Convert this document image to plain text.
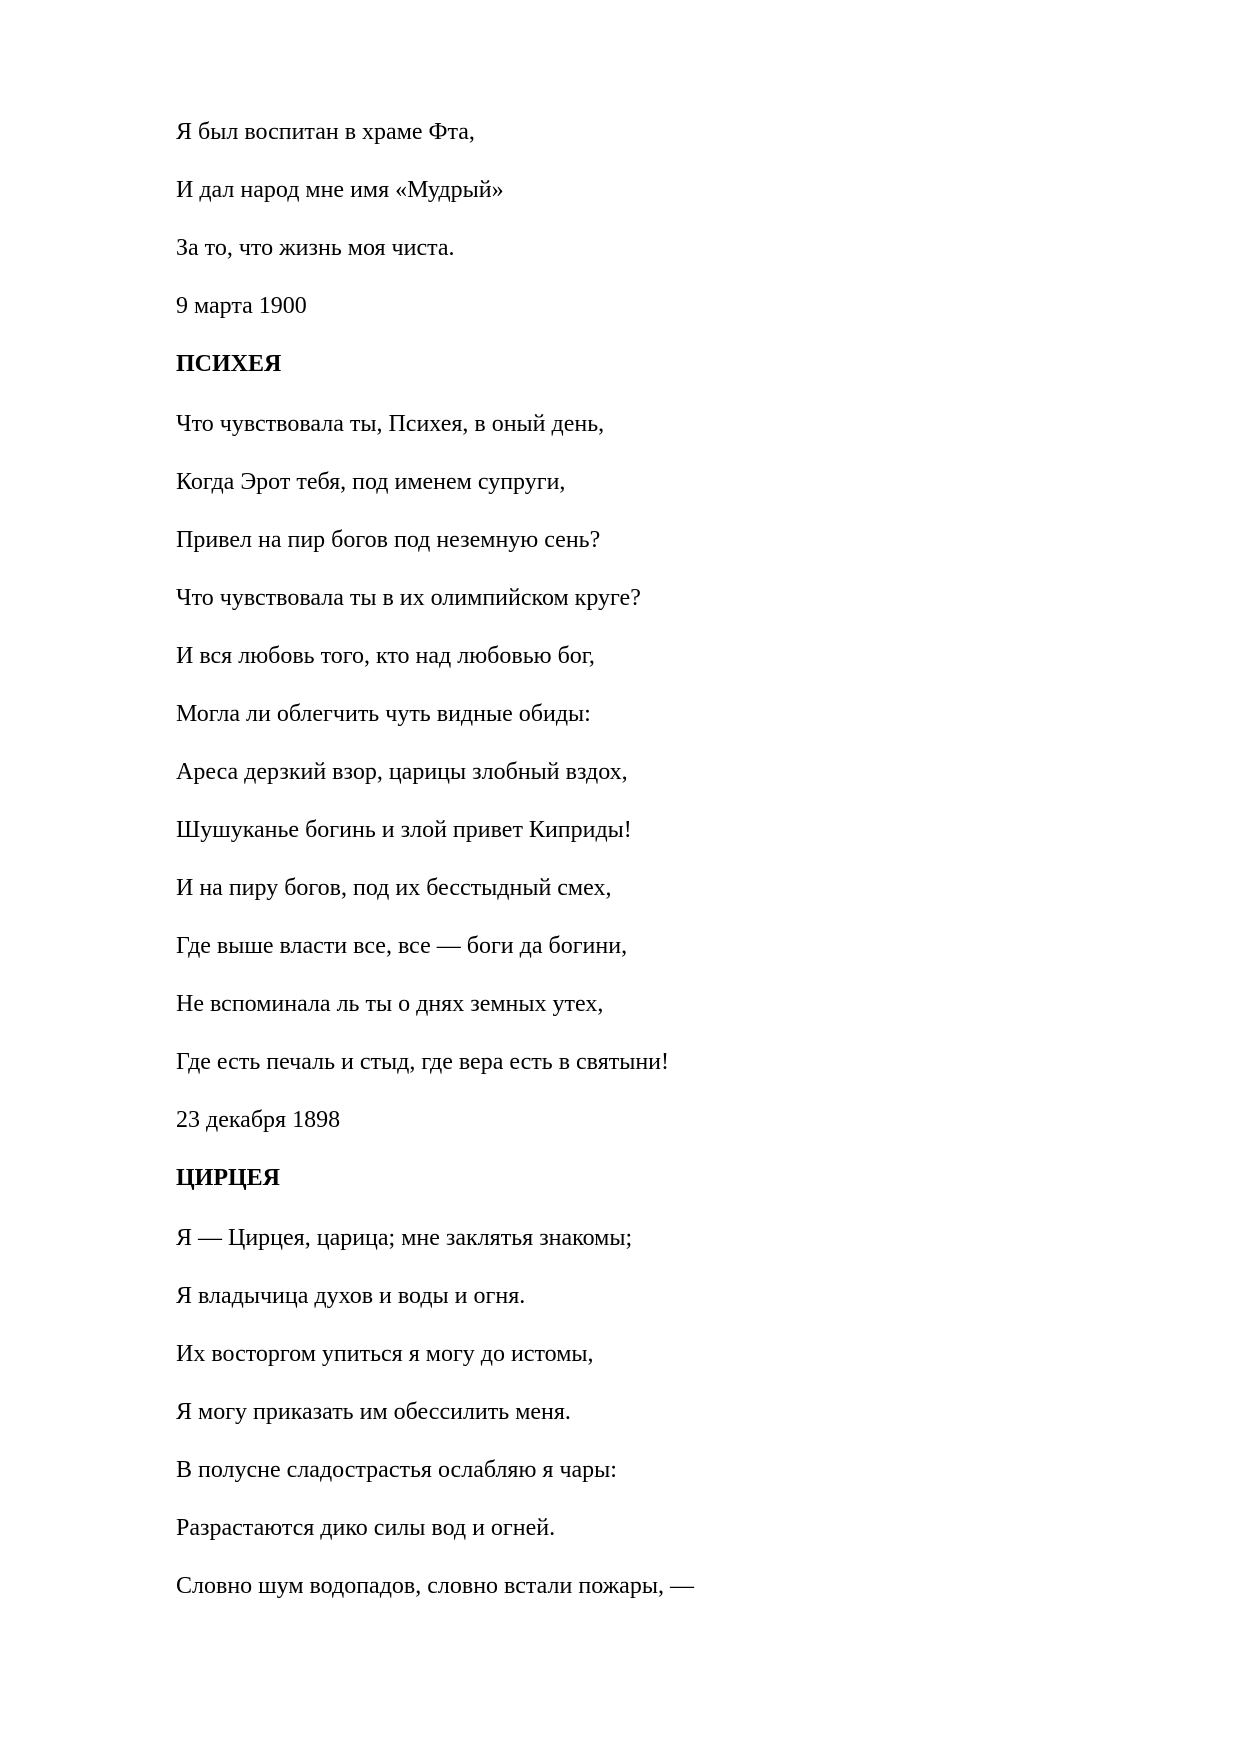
Я был воспитан в храме Фта,
И дал народ мне имя «Мудрый»
За то, что жизнь моя чиста.
9 марта 1900
ПСИХЕЯ
Что чувствовала ты, Психея, в оный день,
Когда Эрот тебя, под именем супруги,
Привел на пир богов под неземную сень?
Что чувствовала ты в их олимпийском круге?
И вся любовь того, кто над любовью бог,
Могла ли облегчить чуть видные обиды:
Ареса дерзкий взор, царицы злобный вздох,
Шушуканье богинь и злой привет Киприды!
И на пиру богов, под их бесстыдный смех,
Где выше власти все, все — боги да богини,
Не вспоминала ль ты о днях земных утех,
Где есть печаль и стыд, где вера есть в святыни!
23 декабря 1898
ЦИРЦЕЯ
Я — Цирцея, царица; мне заклятья знакомы;
Я владычица духов и воды и огня.
Их восторгом упиться я могу до истомы,
Я могу приказать им обессилить меня.
В полусне сладострастья ослабляю я чары:
Разрастаются дико силы вод и огней.
Словно шум водопадов, словно встали пожары, —
